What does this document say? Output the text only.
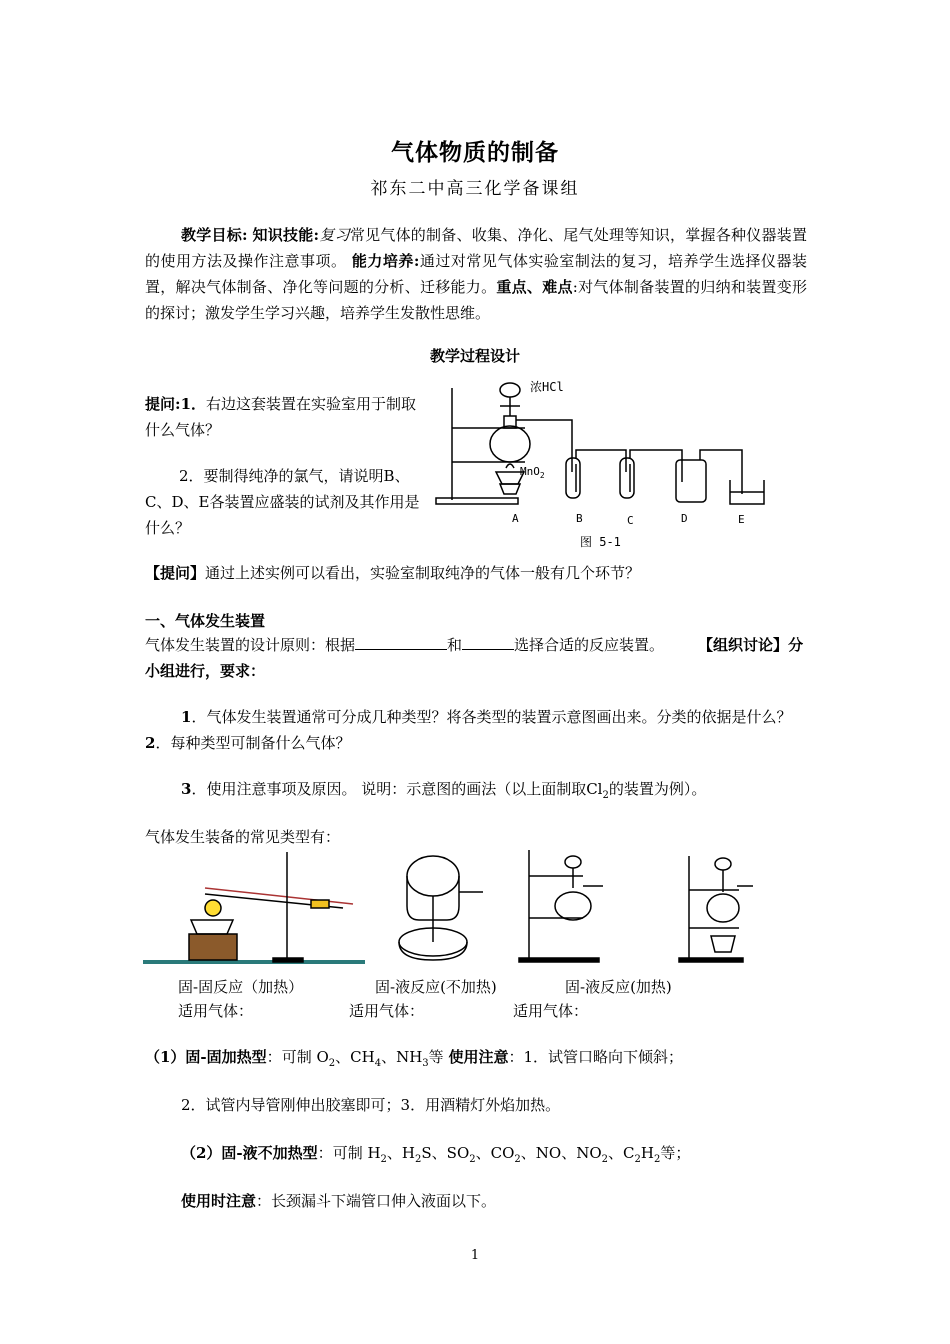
气体物质的制备
祁东二中高三化学备课组
教学目标: 知识技能:复习常见气体的制备、收集、净化、尾气处理等知识，掌握各种仪器装置的使用方法及操作注意事项。 能力培养:通过对常见气体实验室制法的复习，培养学生选择仪器装置，解决气体制备、净化等问题的分析、迁移能力。重点、难点:对气体制备装置的归纳和装置变形的探讨；激发学生学习兴趣，培养学生发散性思维。
教学过程设计
提问:1．右边这套装置在实验室用于制取什么气体？
2．要制得纯净的氯气，请说明B、C、D、E各装置应盛装的试剂及其作用是什么？
浓HCl
MnO$_2$
A	B	C	D	E
图 5-1
【提问】通过上述实例可以看出，实验室制取纯净的气体一般有几个环节？
一、气体发生装置
气体发生装置的设计原则：根据	和	选择合适的反应装置。 【组织讨论】分小组进行，要求：
1．气体发生装置通常可分成几种类型？将各类型的装置示意图画出来。分类的依据是什么？ 2．每种类型可制备什么气体？
3．使用注意事项及原因。 说明：示意图的画法（以上面制取$Cl_2$的装置为例）。
气体发生装备的常见类型有：
固-固反应（加热）	固-液反应(不加热)	固-液反应(加热)
适用气体：	适用气体：	适用气体：
（1）固-固加热型：可制 $O_2$、$CH_4$、$NH_3$等 使用注意：1．试管口略向下倾斜；
2．试管内导管刚伸出胶塞即可；3．用酒精灯外焰加热。
（2）固-液不加热型：可制 $H_2$、$H_2S$、$SO_2$、$CO_2$、NO、$NO_2$、$C_2H_2$等；
使用时注意：长颈漏斗下端管口伸入液面以下。
1
